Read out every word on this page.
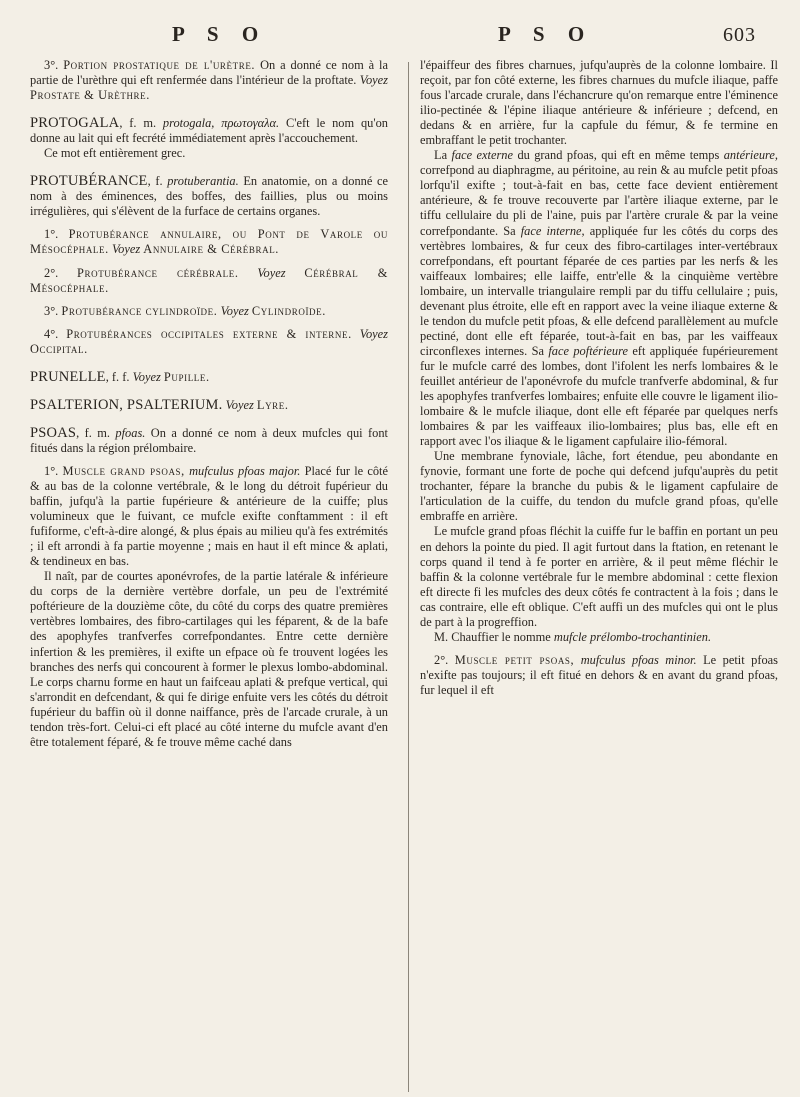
P S O	P S O	603

3°. Portion prostatique de l'urètre. On a donné ce nom à la partie de l'urèthre qui eft renfermée dans l'intérieur de la proftate. Voyez Prostate & Urèthre.

PROTOGALA, f. m. protogala, πρωτογαλα. C'eft le nom qu'on donne au lait qui eft fecrété immédiatement après l'accouchement.

Ce mot eft entièrement grec.

PROTUBÉRANCE, f. protuberantia. En anatomie, on a donné ce nom à des éminences, des boffes, des faillies, plus ou moins irrégulières, qui s'élèvent de la furface de certains organes.

1°. Protubérance annulaire, ou Pont de Varole ou Mésocéphale. Voyez Annulaire & Cérébral.

2°. Protubérance cérébrale. Voyez Cérébral & Mésocéphale.

3°. Protubérance cylindroïde. Voyez Cylindroïde.

4°. Protubérances occipitales externe & interne. Voyez Occipital.

PRUNELLE, f. f. Voyez Pupille.

PSALTERION, PSALTERIUM. Voyez Lyre.

PSOAS, f. m. pfoas. On a donné ce nom à deux mufcles qui font fitués dans la région prélombaire.

1°. Muscle grand psoas, mufculus pfoas major. Placé fur le côté & au bas de la colonne vertébrale, & le long du détroit fupérieur du baffin, jufqu'à la partie fupérieure & antérieure de la cuiffe; plus volumineux que le fuivant, ce mufcle exifte conftamment : il eft fufiforme, c'eft-à-dire alongé, & plus épais au milieu qu'à fes extrémités ; il eft arrondi à fa partie moyenne ; mais en haut il eft mince & aplati, & tendineux en bas.

Il naît, par de courtes aponévrofes, de la partie latérale & inférieure du corps de la dernière vertèbre dorfale, un peu de l'extrémité poftérieure de la douzième côte, du côté du corps des quatre premières vertèbres lombaires, des fibro-cartilages qui les féparent, & de la bafe des apophyfes tranfverfes correfpondantes. Entre cette dernière infertion & les premières, il exifte un efpace où fe trouvent logées les branches des nerfs qui concourent à former le plexus lombo-abdominal. Le corps charnu forme en haut un faifceau aplati & prefque vertical, qui s'arrondit en defcendant, & qui fe dirige enfuite vers les côtés du détroit fupérieur du baffin où il donne naiffance, près de l'arcade crurale, à un tendon très-fort. Celui-ci eft placé au côté interne du mufcle avant d'en être totalement féparé, & fe trouve même caché dans

l'épaiffeur des fibres charnues, jufqu'auprès de la colonne lombaire. Il reçoit, par fon côté externe, les fibres charnues du mufcle iliaque, paffe fous l'arcade crurale, dans l'échancrure qu'on remarque entre l'éminence ilio-pectinée & l'épine iliaque antérieure & inférieure ; defcend, en dedans & en arrière, fur la capfule du fémur, & fe termine en embraffant le petit trochanter.

La face externe du grand pfoas, qui eft en même temps antérieure, correfpond au diaphragme, au péritoine, au rein & au mufcle petit pfoas lorfqu'il exifte ; tout-à-fait en bas, cette face devient entièrement antérieure, & fe trouve recouverte par l'artère iliaque externe, par le tiffu cellulaire du pli de l'aine, puis par l'artère crurale & par la veine correfpondante. Sa face interne, appliquée fur les côtés du corps des vertèbres lombaires, & fur ceux des fibro-cartilages inter-vertébraux correfpondans, eft pourtant féparée de ces parties par les nerfs & les vaiffeaux lombaires; elle laiffe, entr'elle & la cinquième vertèbre lombaire, un intervalle triangulaire rempli par du tiffu cellulaire ; puis, devenant plus étroite, elle eft en rapport avec la veine iliaque externe & le tendon du mufcle petit pfoas, & elle defcend parallèlement au mufcle pectiné, dont elle eft féparée, tout-à-fait en bas, par les vaiffeaux circonflexes internes. Sa face poftérieure eft appliquée fupérieurement fur le mufcle carré des lombes, dont l'ifolent les nerfs lombaires & le feuillet antérieur de l'aponévrofe du mufcle tranfverfe abdominal, & fur les apophyfes tranfverfes lombaires; enfuite elle couvre le ligament ilio-lombaire & le mufcle iliaque, dont elle eft féparée par quelques nerfs lombaires & par les vaiffeaux ilio-lombaires; plus bas, elle eft en rapport avec l'os iliaque & le ligament capfulaire ilio-fémoral.

Une membrane fynoviale, lâche, fort étendue, peu abondante en fynovie, formant une forte de poche qui defcend jufqu'auprès du petit trochanter, fépare la branche du pubis & le ligament capfulaire de l'articulation de la cuiffe, du tendon du mufcle grand pfoas, qu'elle embraffe en arrière.

Le mufcle grand pfoas fléchit la cuiffe fur le baffin en portant un peu en dehors la pointe du pied. Il agit furtout dans la ftation, en retenant le corps quand il tend à fe porter en arrière, & il peut même fléchir le baffin & la colonne vertébrale fur le membre abdominal : cette flexion eft directe fi les mufcles des deux côtés fe contractent à la fois ; dans le cas contraire, elle eft oblique. C'eft auffi un des mufcles qui ont le plus de part à la progreffion.

M. Chauffier le nomme mufcle prélombo-trochantinien.

2°. Muscle petit psoas, mufculus pfoas minor. Le petit pfoas n'exifte pas toujours; il eft fitué en dehors & en avant du grand pfoas, fur lequel il eft
